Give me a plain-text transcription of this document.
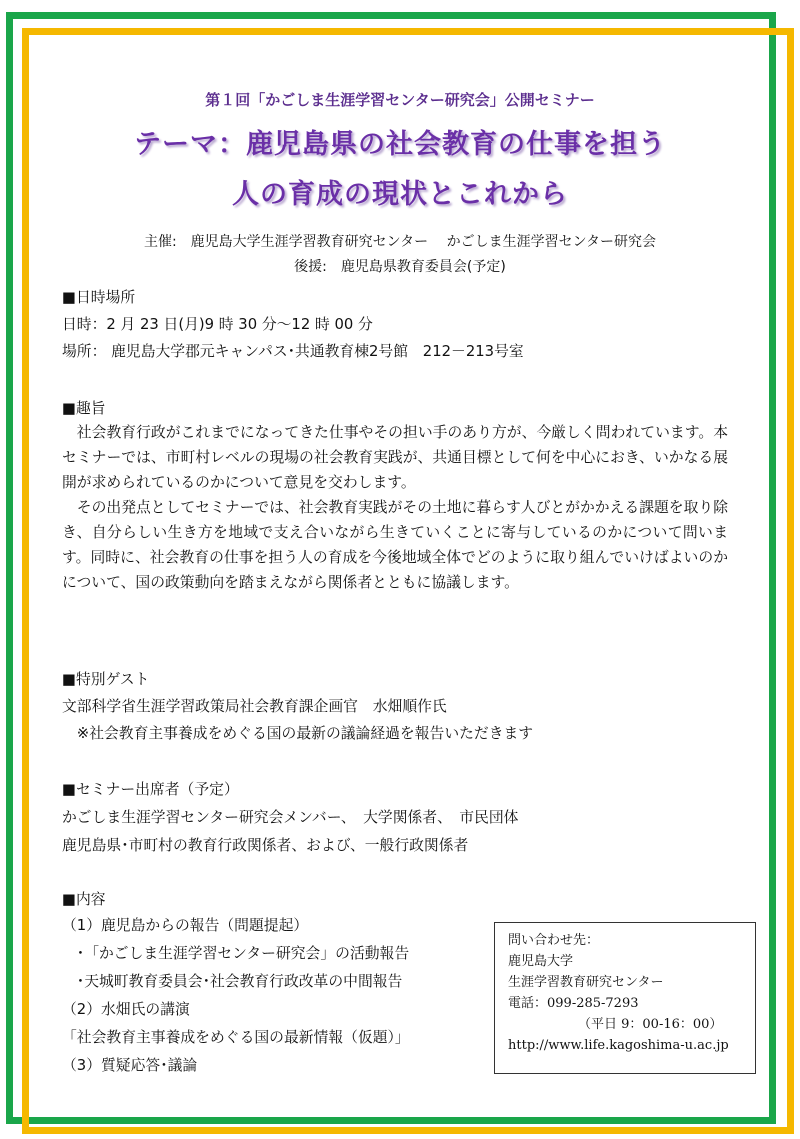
第１回「かごしま生涯学習センター研究会」公開セミナー
テーマ：鹿児島県の社会教育の仕事を担う
人の育成の現状とこれから
主催:　鹿児島大学生涯学習教育研究センター　 かごしま生涯学習センター研究会
後援:　鹿児島県教育委員会(予定)
■日時場所
日時：2 月 23 日(月)9 時 30 分～12 時 00 分
場所： 鹿児島大学郡元キャンパス･共通教育棟2号館　212－213号室
■趣旨

社会教育行政がこれまでになってきた仕事やその担い手のあり方が、今厳しく問われています。本セミナーでは、市町村レベルの現場の社会教育実践が、共通目標として何を中心におき、いかなる展開が求められているのかについて意見を交わします。

その出発点としてセミナーでは、社会教育実践がその土地に暮らす人びとがかかえる課題を取り除き、自分らしい生き方を地域で支え合いながら生きていくことに寄与しているのかについて問います。同時に、社会教育の仕事を担う人の育成を今後地域全体でどのように取り組んでいけばよいのかについて、国の政策動向を踏まえながら関係者とともに協議します。

■特別ゲスト
文部科学省生涯学習政策局社会教育課企画官　水畑順作氏
　※社会教育主事養成をめぐる国の最新の議論経過を報告いただきます
■セミナー出席者（予定）
かごしま生涯学習センター研究会メンバー、　大学関係者、　市民団体
鹿児島県･市町村の教育行政関係者、および、一般行政関係者
■内容
（1）鹿児島からの報告（問題提起）
　･「かごしま生涯学習センター研究会」の活動報告
　･天城町教育委員会･社会教育行政改革の中間報告
（2）水畑氏の講演
「社会教育主事養成をめぐる国の最新情報（仮題）」
（3）質疑応答･議論
問い合わせ先：
鹿児島大学
生涯学習教育研究センター
電話：099-285-7293
（平日 9：00-16：00）
http://www.life.kagoshima-u.ac.jp
